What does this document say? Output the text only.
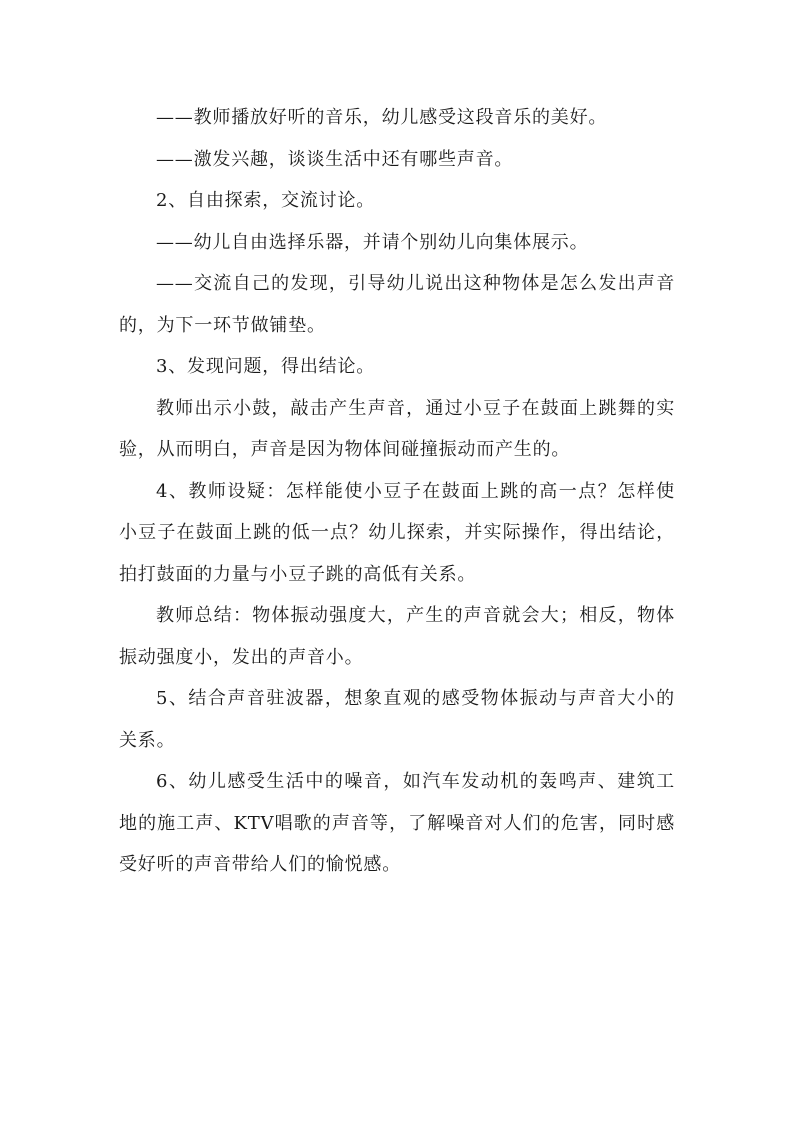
——教师播放好听的音乐，幼儿感受这段音乐的美好。

——激发兴趣，谈谈生活中还有哪些声音。

2、自由探索，交流讨论。

——幼儿自由选择乐器，并请个别幼儿向集体展示。

——交流自己的发现，引导幼儿说出这种物体是怎么发出声音的，为下一环节做铺垫。

3、发现问题，得出结论。

教师出示小鼓，敲击产生声音，通过小豆子在鼓面上跳舞的实验，从而明白，声音是因为物体间碰撞振动而产生的。

4、教师设疑：怎样能使小豆子在鼓面上跳的高一点？怎样使小豆子在鼓面上跳的低一点？幼儿探索，并实际操作，得出结论，拍打鼓面的力量与小豆子跳的高低有关系。

教师总结：物体振动强度大，产生的声音就会大；相反，物体振动强度小，发出的声音小。

5、结合声音驻波器，想象直观的感受物体振动与声音大小的关系。

6、幼儿感受生活中的噪音，如汽车发动机的轰鸣声、建筑工地的施工声、KTV唱歌的声音等，了解噪音对人们的危害，同时感受好听的声音带给人们的愉悦感。
